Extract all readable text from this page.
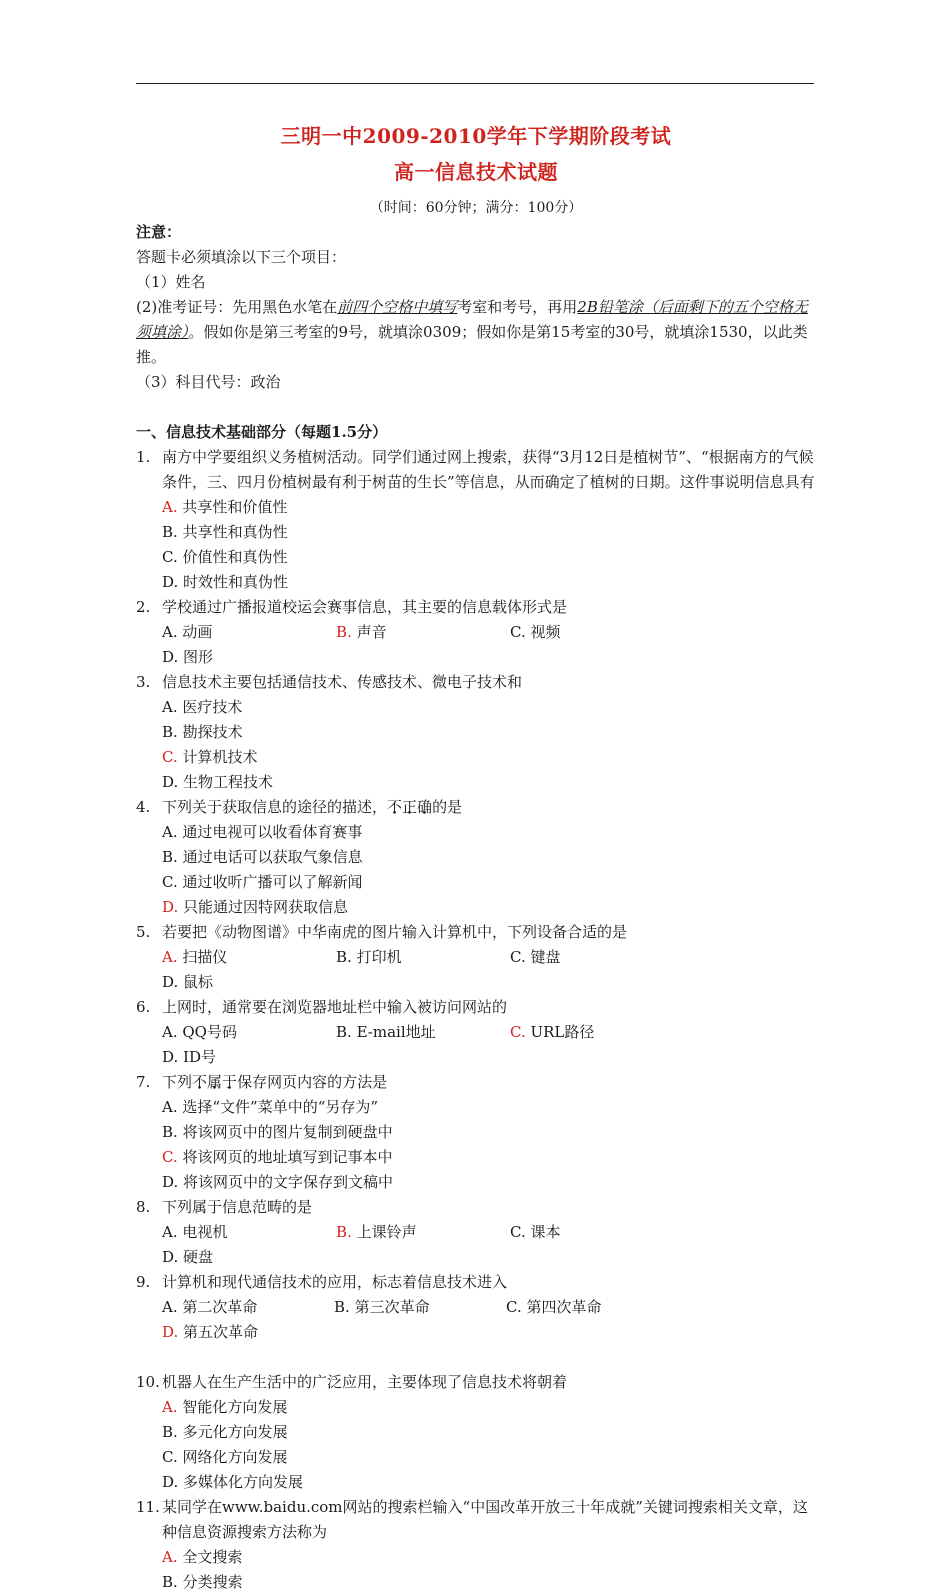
三明一中2009-2010学年下学期阶段考试
高一信息技术试题
（时间：60分钟；满分：100分）
注意：
答题卡必须填涂以下三个项目：
（1）姓名
(2)准考证号：先用黑色水笔在前四个空格中填写考室和考号，再用2B铅笔涂（后面剩下的五个空格无须填涂）。假如你是第三考室的9号，就填涂0309；假如你是第15考室的30号，就填涂1530，以此类推。
（3）科目代号：政治
一、信息技术基础部分（每题1.5分）
1. 南方中学要组织义务植树活动。同学们通过网上搜索，获得“3月12日是植树节”、“根据南方的气候条件，三、四月份植树最有利于树苗的生长”等信息，从而确定了植树的日期。这件事说明信息具有
A. 共享性和价值性
B. 共享性和真伪性
C. 价值性和真伪性
D. 时效性和真伪性
2. 学校通过广播报道校运会赛事信息，其主要的信息载体形式是
A. 动画	B. 声音	C. 视频
D. 图形
3. 信息技术主要包括通信技术、传感技术、微电子技术和
A. 医疗技术
B. 勘探技术
C. 计算机技术
D. 生物工程技术
4. 下列关于获取信息的途径的描述，不正确的是
A. 通过电视可以收看体育赛事
B. 通过电话可以获取气象信息
C. 通过收听广播可以了解新闻
D. 只能通过因特网获取信息
5. 若要把《动物图谱》中华南虎的图片输入计算机中，下列设备合适的是
A. 扫描仪	B. 打印机	C. 键盘
D. 鼠标
6. 上网时，通常要在浏览器地址栏中输入被访问网站的
A. QQ号码	B. E-mail地址	C. URL路径
D. ID号
7. 下列不属于保存网页内容的方法是
A. 选择“文件”菜单中的“另存为”
B. 将该网页中的图片复制到硬盘中
C. 将该网页的地址填写到记事本中
D. 将该网页中的文字保存到文稿中
8. 下列属于信息范畴的是
A. 电视机	B. 上课铃声	C. 课本
D. 硬盘
9. 计算机和现代通信技术的应用，标志着信息技术进入
A. 第二次革命	B. 第三次革命	C. 第四次革命
D. 第五次革命
10. 机器人在生产生活中的广泛应用，主要体现了信息技术将朝着
A. 智能化方向发展
B. 多元化方向发展
C. 网络化方向发展
D. 多媒体化方向发展
11. 某同学在www.baidu.com网站的搜索栏输入“中国改革开放三十年成就”关键词搜索相关文章，这种信息资源搜索方法称为
A. 全文搜索
B. 分类搜索
